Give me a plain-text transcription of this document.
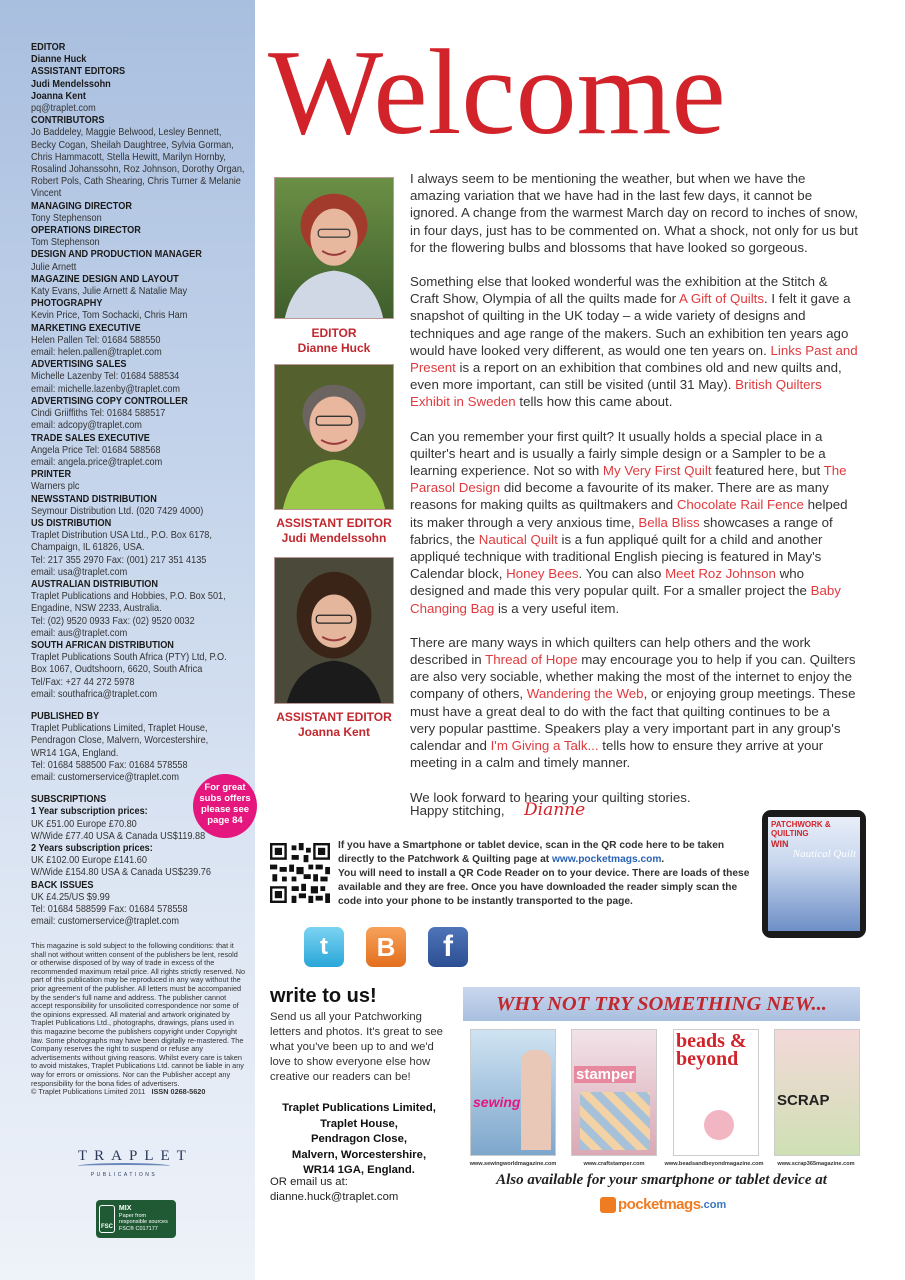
EDITOR
Dianne Huck
ASSISTANT EDITORS
Judi Mendelssohn
Joanna Kent
pq@traplet.com
CONTRIBUTORS
Jo Baddeley, Maggie Belwood, Lesley Bennett,
Becky Cogan, Sheilah Daughtree, Sylvia Gorman,
Chris Hammacott, Stella Hewitt, Marilyn Hornby,
Rosalind Johanssohn, Roz Johnson, Dorothy Organ,
Robert Pols, Cath Shearing, Chris Turner & Melanie
Vincent
MANAGING DIRECTOR
Tony Stephenson
OPERATIONS DIRECTOR
Tom Stephenson
DESIGN AND PRODUCTION MANAGER
Julie Arnett
MAGAZINE DESIGN AND LAYOUT
Katy Evans, Julie Arnett & Natalie May
PHOTOGRAPHY
Kevin Price, Tom Sochacki, Chris Ham
MARKETING EXECUTIVE
Helen Pallen Tel: 01684 588550
email: helen.pallen@traplet.com
ADVERTISING SALES
Michelle Lazenby Tel: 01684 588534
email: michelle.lazenby@traplet.com
ADVERTISING COPY CONTROLLER
Cindi Griiffiths Tel: 01684 588517
email: adcopy@traplet.com
TRADE SALES EXECUTIVE
Angela Price Tel: 01684 588568
email: angela.price@traplet.com
PRINTER
Warners plc
NEWSSTAND DISTRIBUTION
Seymour Distribution Ltd. (020 7429 4000)
US DISTRIBUTION
Traplet Distribution USA Ltd., P.O. Box 6178,
Champaign, IL 61826, USA.
Tel: 217 355 2970 Fax: (001) 217 351 4135
email: usa@traplet.com
AUSTRALIAN DISTRIBUTION
Traplet Publications and Hobbies, P.O. Box 501,
Engadine, NSW 2233, Australia.
Tel: (02) 9520 0933 Fax: (02) 9520 0032
email: aus@traplet.com
SOUTH AFRICAN DISTRIBUTION
Traplet Publications South Africa (PTY) Ltd, P.O.
Box 1067, Oudtshoorn, 6620, South Africa
Tel/Fax: +27 44 272 5978
email: southafrica@traplet.com
PUBLISHED BY
Traplet Publications Limited, Traplet House,
Pendragon Close, Malvern, Worcestershire,
WR14 1GA, England.
Tel: 01684 588500 Fax: 01684 578558
email: customerservice@traplet.com
SUBSCRIPTIONS
1 Year subscription prices:
UK £51.00 Europe £70.80
W/Wide £77.40 USA & Canada US$119.88
2 Years subscription prices:
UK £102.00 Europe £141.60
W/Wide £154.80 USA & Canada US$239.76
BACK ISSUES
UK £4.25/US $9.99
Tel: 01684 588599 Fax: 01684 578558
email: customerservice@traplet.com
For great
subs offers
please see
page 84
This magazine is sold subject to the following conditions: that it shall not without written consent of the publishers be lent, resold or otherwise disposed of by way of trade in excess of the recommended maximum retail price. All rights strictly reserved. No part of this publication may be reproduced in any way without the prior agreement of the publisher. All letters must be accompanied by the sender's full name and address. The publisher cannot accept responsibility for unsolicited correspondence nor some of the opinions expressed. All material and artwork originated by Traplet Publications Ltd., photographs, drawings, plans used in this magazine become the publishers copyright under Copyright law. Some photographs may have been digitally re-mastered. The Company reserves the right to suspend or refuse any advertisements without giving reasons. Whilst every care is taken to avoid mistakes, Traplet Publications Ltd. cannot be liable in any way for errors or omissions. Nor can the Publisher accept any responsibility for the bona fides of advertisers.
© Traplet Publications Limited 2011 ISSN 0268-5620
TRAPLET
PUBLICATIONS
FSC
MIX
Paper from responsible sources
FSC® C017177
Welcome
EDITOR
Dianne Huck
ASSISTANT EDITOR
Judi Mendelssohn
ASSISTANT EDITOR
Joanna Kent

I always seem to be mentioning the weather, but when we have the amazing variation that we have had in the last few days, it cannot be ignored. A change from the warmest March day on record to inches of snow, in four days, just has to be commented on. What a shock, not only for us but for the flowering bulbs and blossoms that have looked so gorgeous.

Something else that looked wonderful was the exhibition at the Stitch & Craft Show, Olympia of all the quilts made for A Gift of Quilts. I felt it gave a snapshot of quilting in the UK today – a wide variety of designs and techniques and age range of the makers. Such an exhibition ten years ago would have looked very different, as would one ten years on. Links Past and Present is a report on an exhibition that combines old and new quilts and, even more important, can still be visited (until 31 May). British Quilters Exhibit in Sweden tells how this came about.

Can you remember your first quilt? It usually holds a special place in a quilter's heart and is usually a fairly simple design or a Sampler to be a learning experience. Not so with My Very First Quilt featured here, but The Parasol Design did become a favourite of its maker. There are as many reasons for making quilts as quiltmakers and Chocolate Rail Fence helped its maker through a very anxious time, Bella Bliss showcases a range of fabrics, the Nautical Quilt is a fun appliqué quilt for a child and another appliqué technique with traditional English piecing is featured in May's Calendar block, Honey Bees. You can also Meet Roz Johnson who designed and made this very popular quilt. For a smaller project the Baby Changing Bag is a very useful item.

There are many ways in which quilters can help others and the work described in Thread of Hope may encourage you to help if you can. Quilters are also very sociable, whether making the most of the internet to enjoy the company of others, Wandering the Web, or enjoying group meetings. These must have a great deal to do with the fact that quilting continues to be a very popular pasttime. Speakers play a very important part in any group's calendar and I'm Giving a Talk... tells how to ensure they arrive at your meeting in a calm and timely manner.

We look forward to hearing your quilting stories.

Happy stitching, Dianne
If you have a Smartphone or tablet device, scan in the QR code here to be taken directly to the Patchwork & Quilting page at www.pocketmags.com.
You will need to install a QR Code Reader on to your device. There are loads of these available and they are free. Once you have downloaded the reader simply scan the code into your phone to be instantly transported to the page.
PATCHWORK & QUILTING
WIN
Nautical Quilt
t B f
write to us!
Send us all your Patchworking letters and photos. It's great to see what you've been up to and we'd love to show everyone else how creative our readers can be!
Traplet Publications Limited,
Traplet House,
Pendragon Close,
Malvern, Worcestershire,
WR14 1GA, England.
OR email us at:
dianne.huck@traplet.com
WHY NOT TRY SOMETHING NEW...
sewing
stamper
beads & beyond
SCRAP
www.sewingworldmagazine.com	www.craftstamper.com	www.beadsandbeyondmagazine.com	www.scrap365magazine.com
Also available for your smartphone or tablet device at
pocketmags .com
